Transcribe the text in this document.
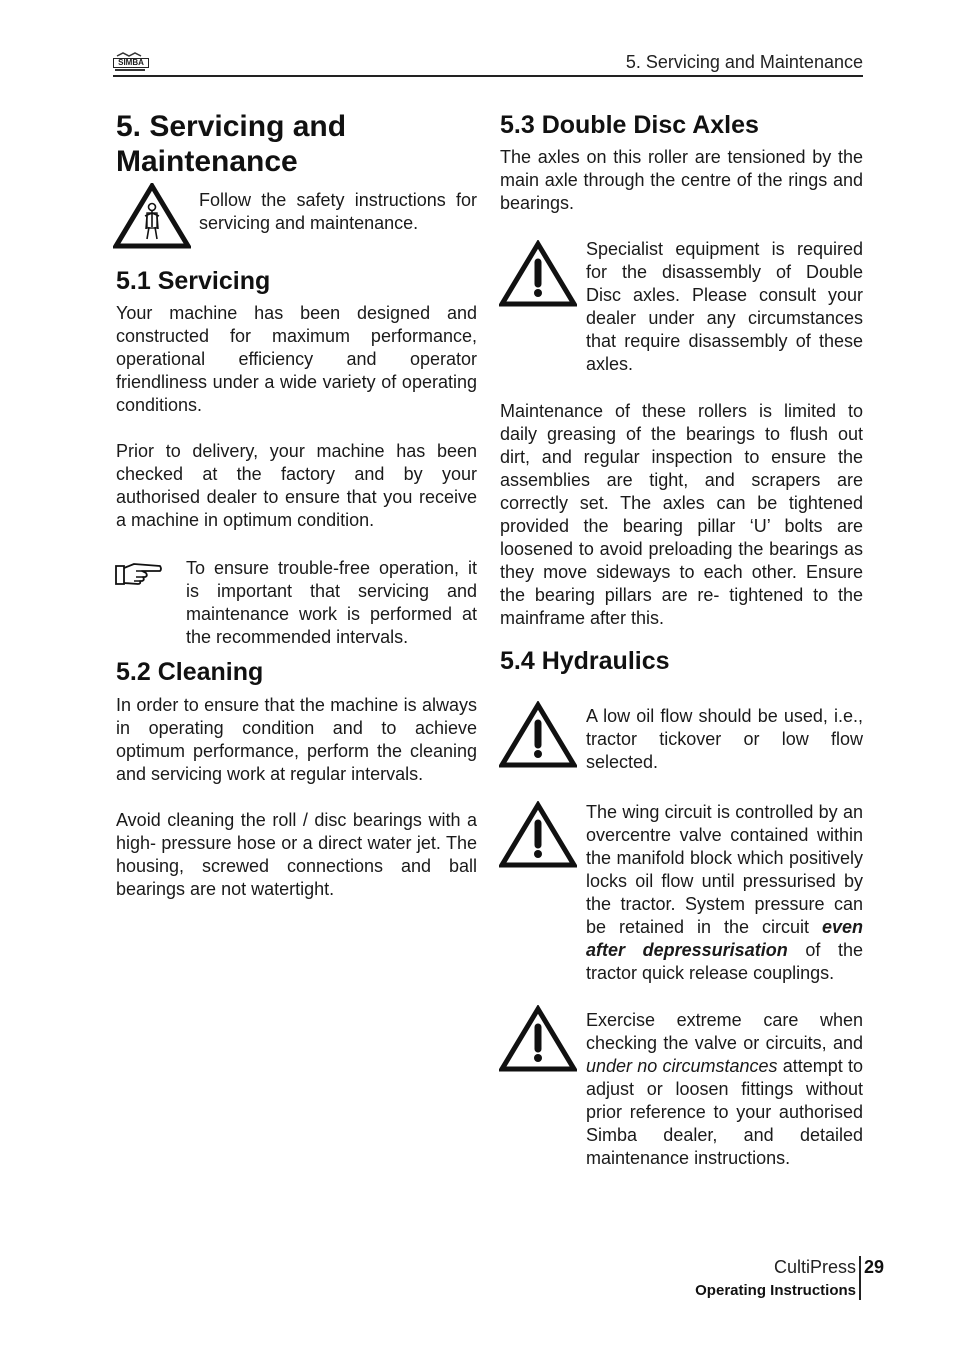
SIMBA	5. Servicing and Maintenance
5. Servicing and
Maintenance

Follow the safety instructions for servicing and maintenance.

5.1 Servicing

Your machine has been designed and constructed for maximum performance, operational efficiency and operator friendliness under a wide variety of operating conditions.

Prior to delivery, your machine has been checked at the factory and by your authorised dealer to ensure that you receive a machine in optimum condition.

To ensure trouble-free operation, it is important that servicing and maintenance work is performed at the recommended intervals.

5.2 Cleaning

In order to ensure that the machine is always in operating condition and to achieve optimum performance, perform the cleaning and servicing work at regular intervals.

Avoid cleaning the roll / disc bearings with a high- pressure hose or a direct water jet. The housing, screwed connections and ball bearings are not watertight.

5.3 Double Disc Axles

The axles on this roller are tensioned by the main axle through the centre of the rings and bearings.

Specialist equipment is required for the disassembly of Double Disc axles. Please consult your dealer under any circumstances that require disassembly of these axles.

Maintenance of these rollers is limited to daily greasing of the bearings to flush out dirt, and regular inspection to ensure the assemblies are tight, and scrapers are correctly set. The axles can be tightened provided the bearing pillar ‘U’ bolts are loosened to avoid preloading the bearings as they move sideways to each other. Ensure the bearing pillars are re- tightened to the mainframe after this.

5.4 Hydraulics

A low oil flow should be used, i.e., tractor tickover or low flow selected.

The wing circuit is controlled by an overcentre valve contained within the manifold block which positively locks oil flow until pressurised by the tractor. System pressure can be retained in the circuit even after depressurisation of the tractor quick release couplings.

Exercise extreme care when checking the valve or circuits, and under no circumstances attempt to adjust or loosen fittings without prior reference to your authorised Simba dealer, and detailed maintenance instructions.

CultiPress 29
Operating Instructions
